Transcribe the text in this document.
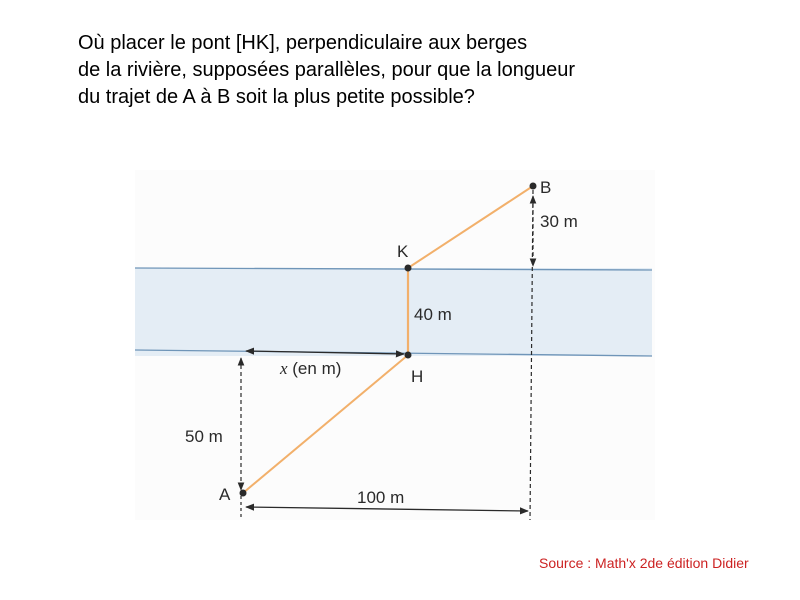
Où placer le pont [HK], perpendiculaire aux berges
de la rivière, supposées parallèles, pour que la longueur
du trajet de A à B soit la plus petite possible?
A
H
K
B
30 m
40 m
x (en m)
50 m
100 m
Source : Math'x 2de édition Didier
